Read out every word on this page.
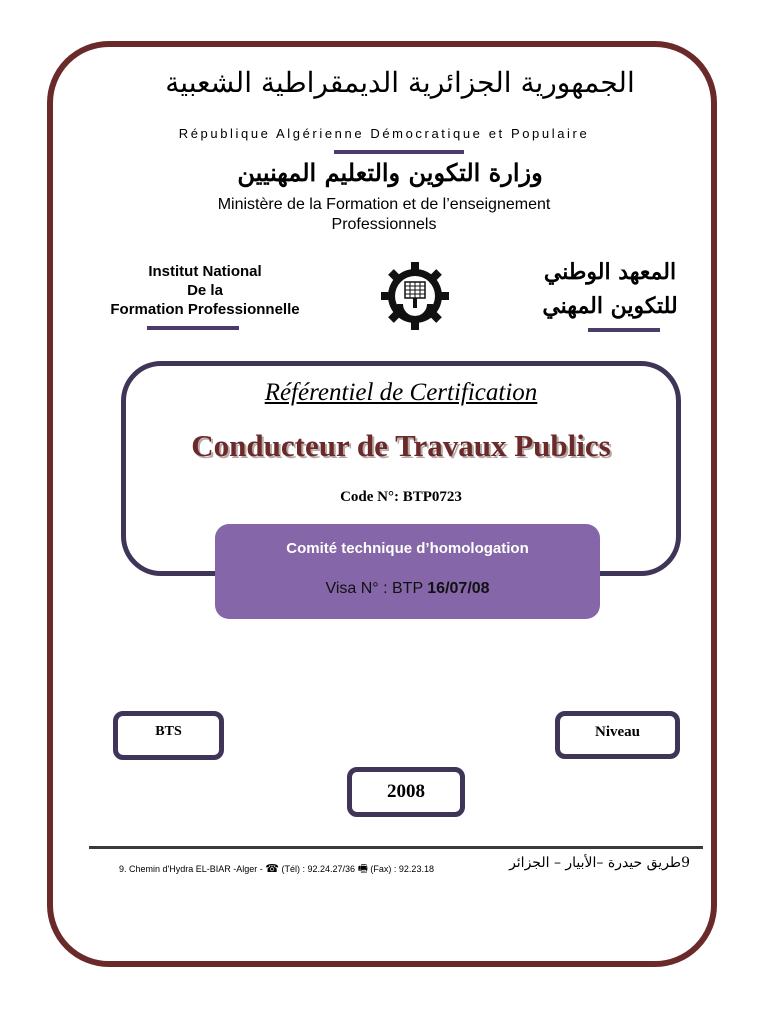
الجمهورية الجزائرية الديمقراطية الشعبية
République Algérienne Démocratique et Populaire
وزارة التكوين والتعليم المهنيين
Ministère de la Formation et de l’enseignement
Professionnels
Institut National
De la
Formation Professionnelle
المعهد الوطني
للتكوين المهني
Référentiel de Certification
Conducteur de Travaux Publics
Code N°: BTP0723
Comité technique d’homologation
Visa N° : BTP 16/07/08
BTS	Niveau
2008
9. Chemin d'Hydra EL-BIAR -Alger - ☎ (Tél) : 92.24.27/36 🖷 (Fax) : 92.23.18	9طريق حيدرة –الأبيار – الجزائر
